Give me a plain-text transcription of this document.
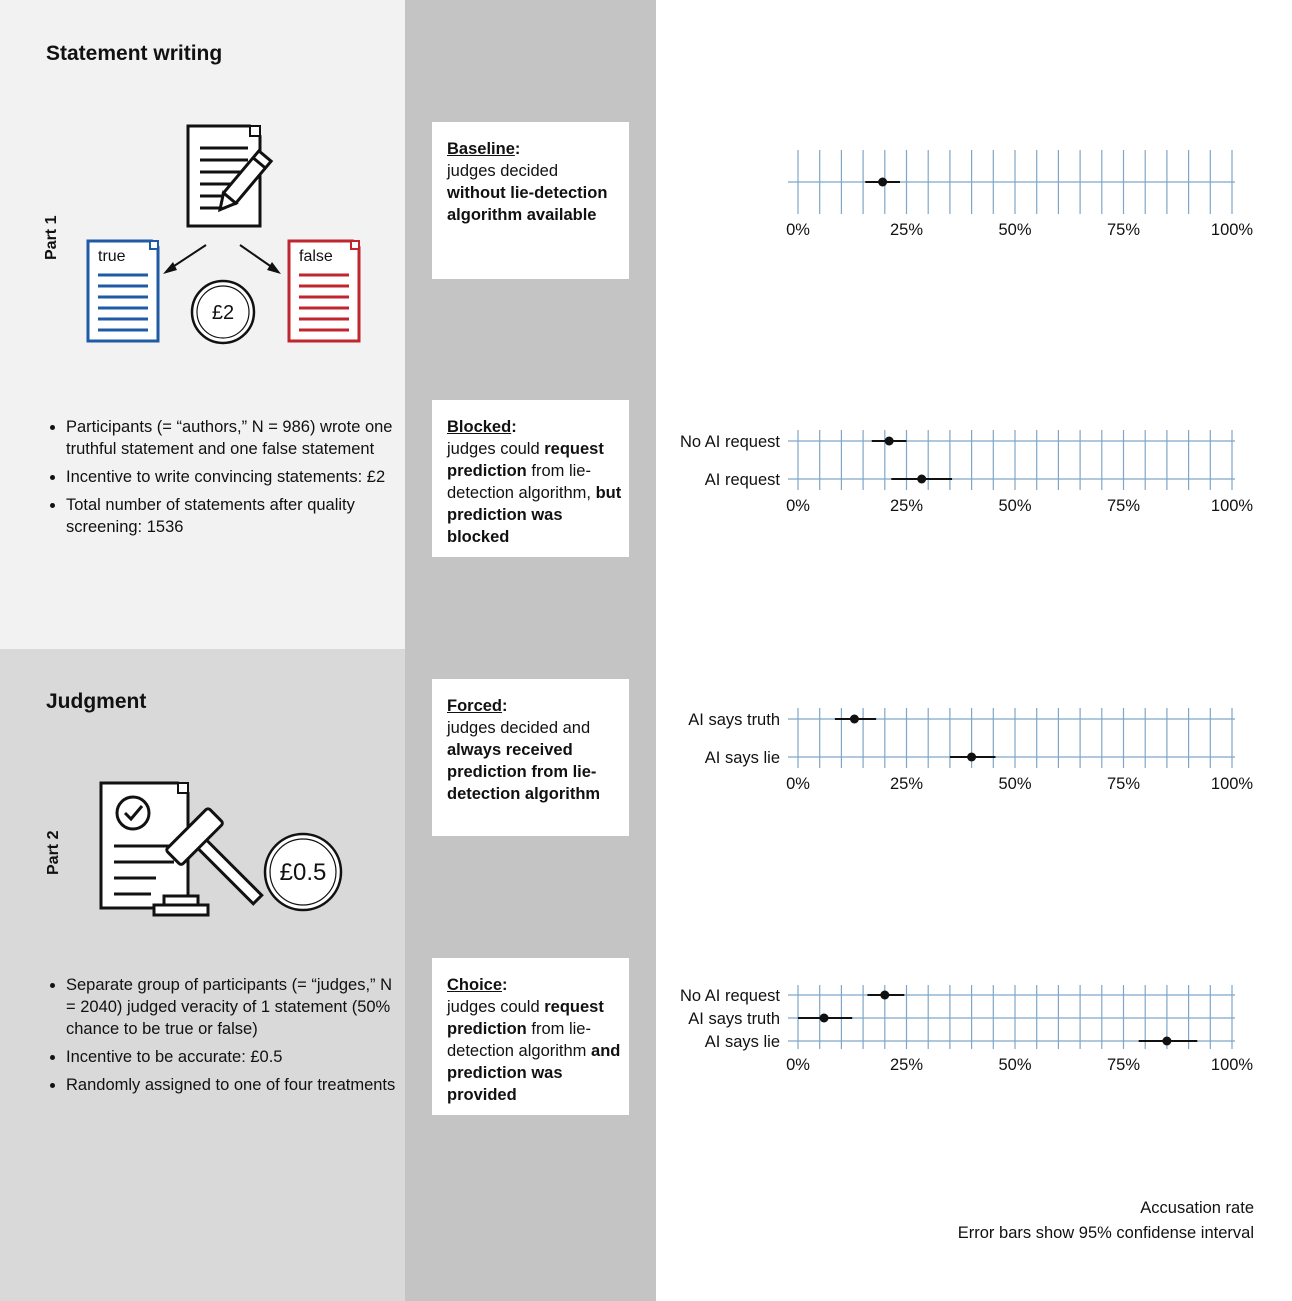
Statement writing
Part 1 true	false
£2
• Participants (= “authors,” N = 986) wrote one truthful statement and one false statement
• Incentive to write convincing statements: £2
• Total number of statements after quality screening: 1536
Judgment
Part 2	£0.5
• Separate group of participants (= “judges,” N = 2040) judged veracity of 1 statement (50% chance to be true or false)
• Incentive to be accurate: £0.5
• Randomly assigned to one of four treatments
Baseline:
judges decided
without lie-detection algorithm available
Blocked:
judges could request prediction from lie-detection algorithm, but prediction was blocked
Forced:
judges decided and always received prediction from lie-detection algorithm
Choice:
judges could request prediction from lie-detection algorithm and prediction was provided
0%	25%	50%	75%	100%
No AI request
AI request
0%	25%	50%	75%	100%
AI says truth
AI says lie
0%	25%	50%	75%	100%
No AI request
AI says truth
AI says lie
0%	25%	50%	75%	100%
Accusation rate
Error bars show 95% confidense interval
